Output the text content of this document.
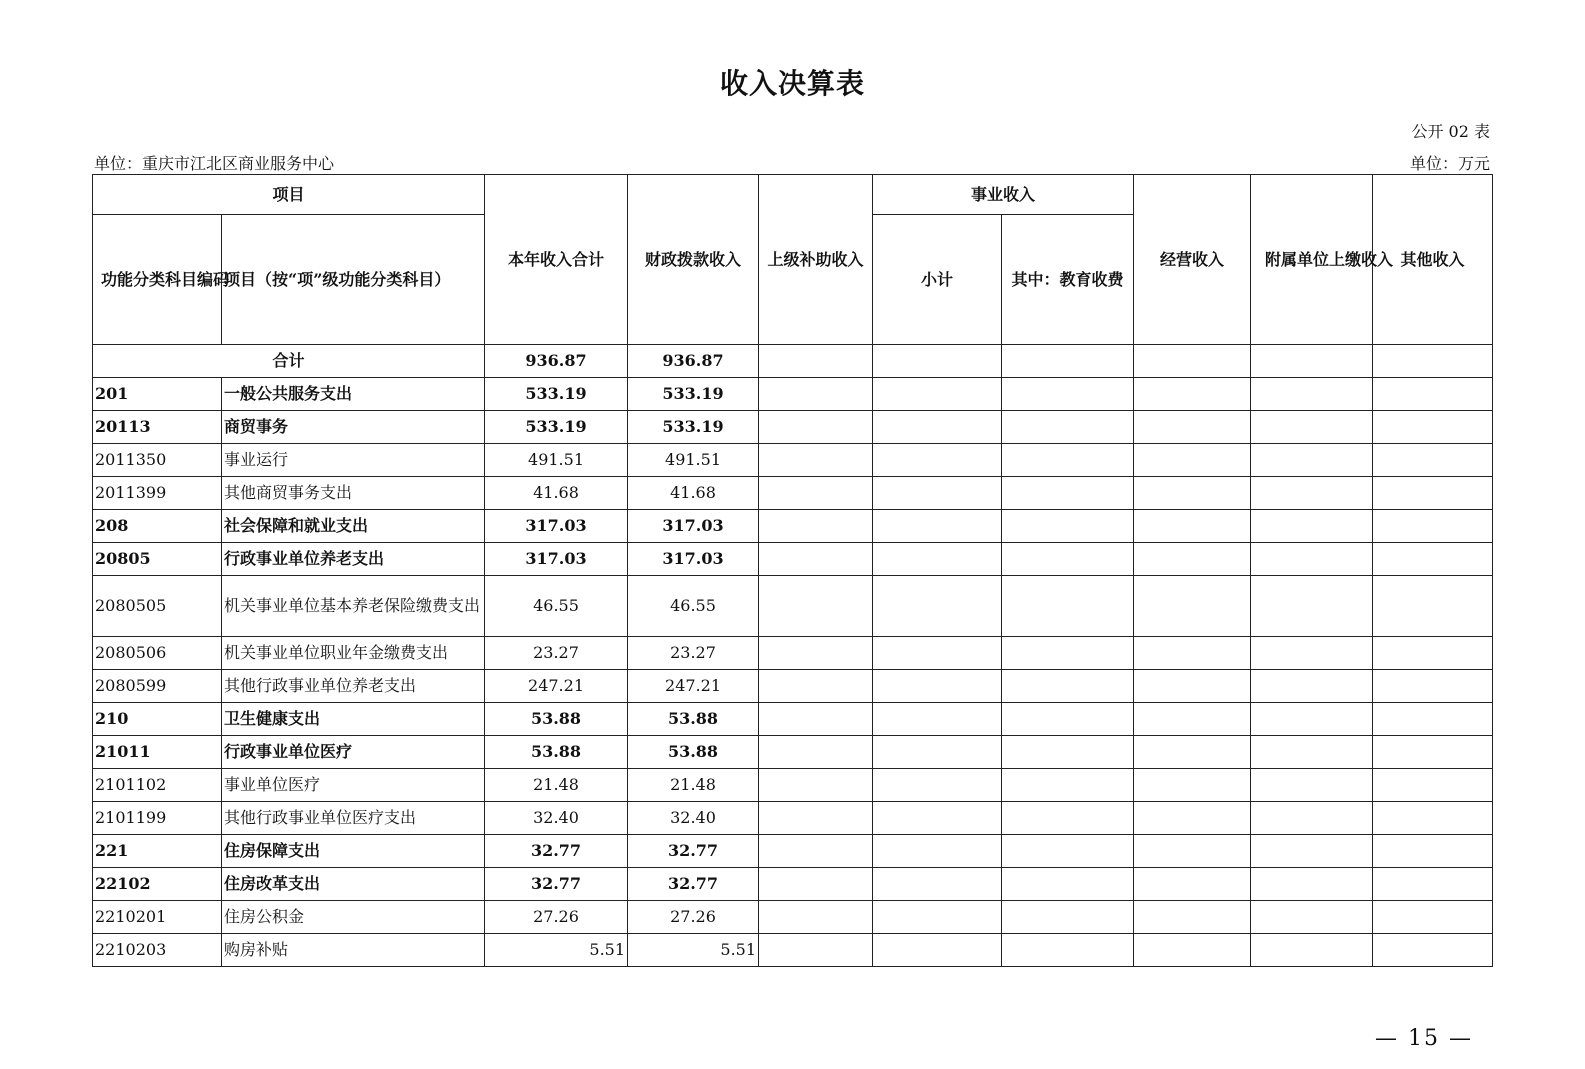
收入决算表
公开 02 表
单位：重庆市江北区商业服务中心	单位：万元
项目		本年收入合计	财政拨款收入	上级补助收入	事业收入		经营收入	附属单位上缴收入	其他收入
功能分类科目编码	项目（按“项”级功能分类科目）				小计	其中：教育收费			
合计		936.87	936.87						
201	一般公共服务支出	533.19	533.19						
20113	商贸事务	533.19	533.19						
2011350	事业运行	491.51	491.51						
2011399	其他商贸事务支出	41.68	41.68						
208	社会保障和就业支出	317.03	317.03						
20805	行政事业单位养老支出	317.03	317.03						
2080505	机关事业单位基本养老保险缴费支出	46.55	46.55						
2080506	机关事业单位职业年金缴费支出	23.27	23.27						
2080599	其他行政事业单位养老支出	247.21	247.21						
210	卫生健康支出	53.88	53.88						
21011	行政事业单位医疗	53.88	53.88						
2101102	事业单位医疗	21.48	21.48						
2101199	其他行政事业单位医疗支出	32.40	32.40						
221	住房保障支出	32.77	32.77						
22102	住房改革支出	32.77	32.77						
2210201	住房公积金	27.26	27.26						
2210203	购房补贴	5.51	5.51						
— 15 —
